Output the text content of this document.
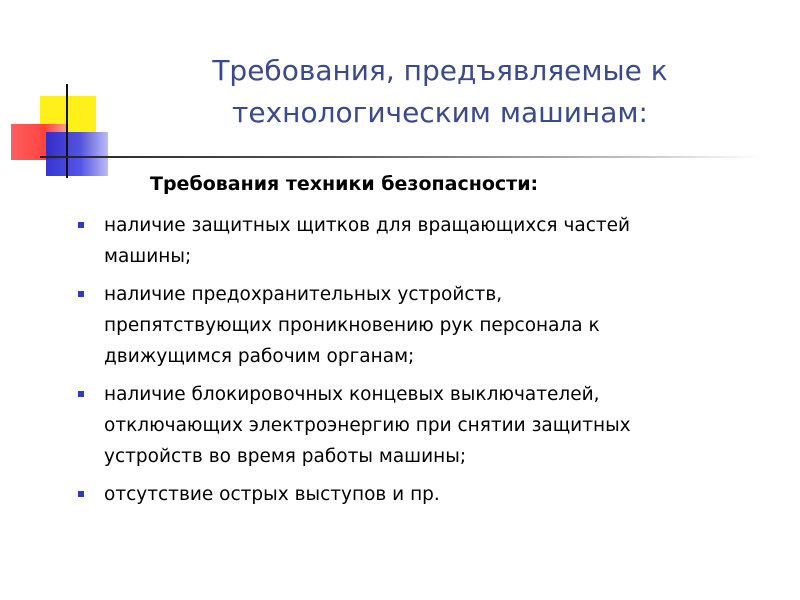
Требования, предъявляемые к
технологическим машинам:

Требования техники безопасности:

наличие защитных щитков для вращающихся частей
машины;
наличие предохранительных устройств,
препятствующих проникновению рук персонала к
движущимся рабочим органам;
наличие блокировочных концевых выключателей,
отключающих электроэнергию при снятии защитных
устройств во время работы машины;
отсутствие острых выступов и пр.
